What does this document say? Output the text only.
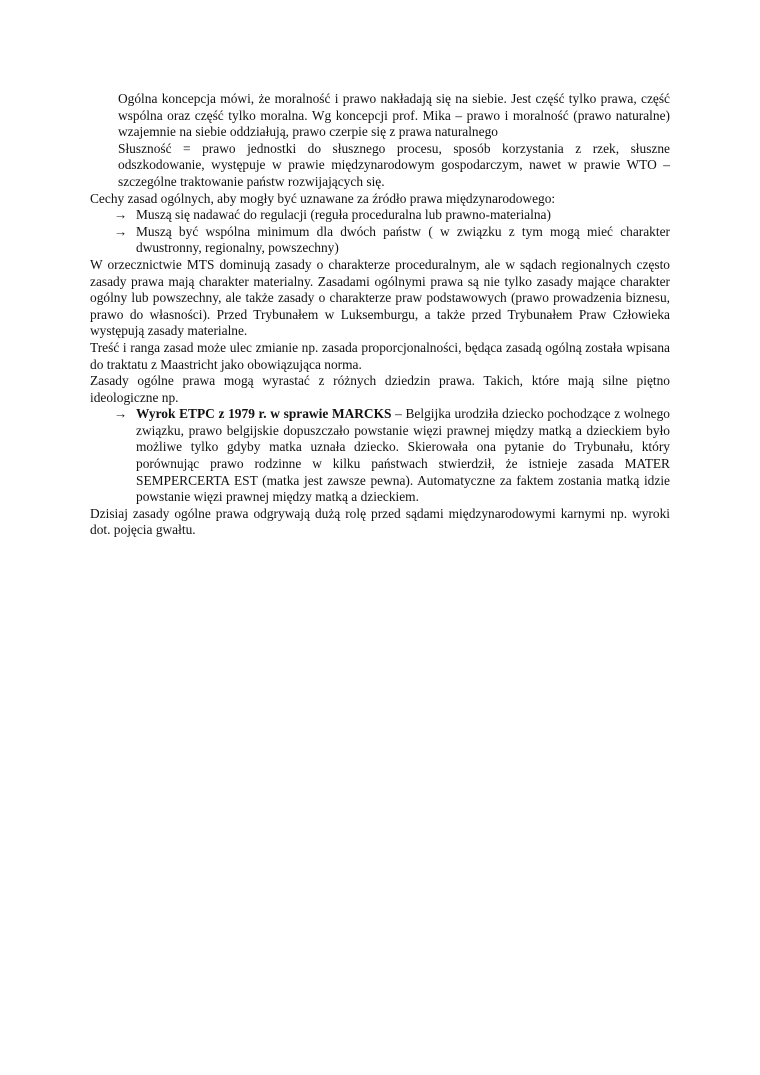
Ogólna koncepcja mówi, że moralność i prawo nakładają się na siebie. Jest część tylko prawa, część wspólna oraz część tylko moralna. Wg koncepcji prof. Mika – prawo i moralność (prawo naturalne) wzajemnie na siebie oddziałują, prawo czerpie się z prawa naturalnego

Słuszność = prawo jednostki do słusznego procesu, sposób korzystania z rzek, słuszne odszkodowanie, występuje w prawie międzynarodowym gospodarczym, nawet w prawie WTO – szczególne traktowanie państw rozwijających się.

Cechy zasad ogólnych, aby mogły być uznawane za źródło prawa międzynarodowego:

→ Muszą się nadawać do regulacji (reguła proceduralna lub prawno-materialna)
→ Muszą być wspólna minimum dla dwóch państw ( w związku z tym mogą mieć charakter dwustronny, regionalny, powszechny)

W orzecznictwie MTS dominują zasady o charakterze proceduralnym, ale w sądach regionalnych często zasady prawa mają charakter materialny. Zasadami ogólnymi prawa są nie tylko zasady mające charakter ogólny lub powszechny, ale także zasady o charakterze praw podstawowych (prawo prowadzenia biznesu, prawo do własności). Przed Trybunałem w Luksemburgu, a także przed Trybunałem Praw Człowieka występują zasady materialne.

Treść i ranga zasad może ulec zmianie np. zasada proporcjonalności, będąca zasadą ogólną została wpisana do traktatu z Maastricht jako obowiązująca norma.

Zasady ogólne prawa mogą wyrastać z różnych dziedzin prawa. Takich, które mają silne piętno ideologiczne np.

→ Wyrok ETPC z 1979 r. w sprawie MARCKS – Belgijka urodziła dziecko pochodzące z wolnego związku, prawo belgijskie dopuszczało powstanie więzi prawnej między matką a dzieckiem było możliwe tylko gdyby matka uznała dziecko. Skierowała ona pytanie do Trybunału, który porównując prawo rodzinne w kilku państwach stwierdził, że istnieje zasada MATER SEMPERCERTA EST (matka jest zawsze pewna). Automatyczne za faktem zostania matką idzie powstanie więzi prawnej między matką a dzieckiem.

Dzisiaj zasady ogólne prawa odgrywają dużą rolę przed sądami międzynarodowymi karnymi np. wyroki dot. pojęcia gwałtu.
